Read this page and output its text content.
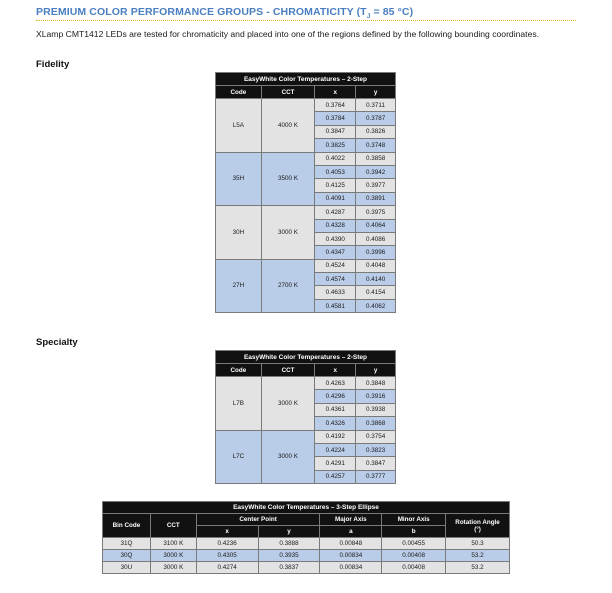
PREMIUM COLOR PERFORMANCE GROUPS - CHROMATICITY ($T_J = 85$ °C)
XLamp CMT1412 LEDs are tested for chromaticity and placed into one of the regions defined by the following bounding coordinates.
Fidelity
Specialty
EasyWhite Color Temperatures – 2-Step			
Code	CCT	x	y
L5A	4000 K	0.3764	0.3711
		0.3784	0.3787
		0.3847	0.3826
		0.3825	0.3748
35H	3500 K	0.4022	0.3858
		0.4053	0.3942
		0.4125	0.3977
		0.4091	0.3891
30H	3000 K	0.4287	0.3975
		0.4328	0.4064
		0.4390	0.4086
		0.4347	0.3996
27H	2700 K	0.4524	0.4048
		0.4574	0.4140
		0.4633	0.4154
		0.4581	0.4062
EasyWhite Color Temperatures – 2-Step			
Code	CCT	x	y
L7B	3000 K	0.4263	0.3848
		0.4296	0.3916
		0.4361	0.3938
		0.4326	0.3868
L7C	3000 K	0.4192	0.3754
		0.4224	0.3823
		0.4291	0.3847
		0.4257	0.3777
EasyWhite Color Temperatures – 3-Step Ellipse						
Bin Code	CCT	Center Point		Major Axis	Minor Axis	Rotation Angle
(°)
		x	y	a	b	
31Q	3100 K	0.4236	0.3888	0.00848	0.00455	50.3
30Q	3000 K	0.4305	0.3935	0.00834	0.00408	53.2
30U	3000 K	0.4274	0.3837	0.00834	0.00408	53.2
